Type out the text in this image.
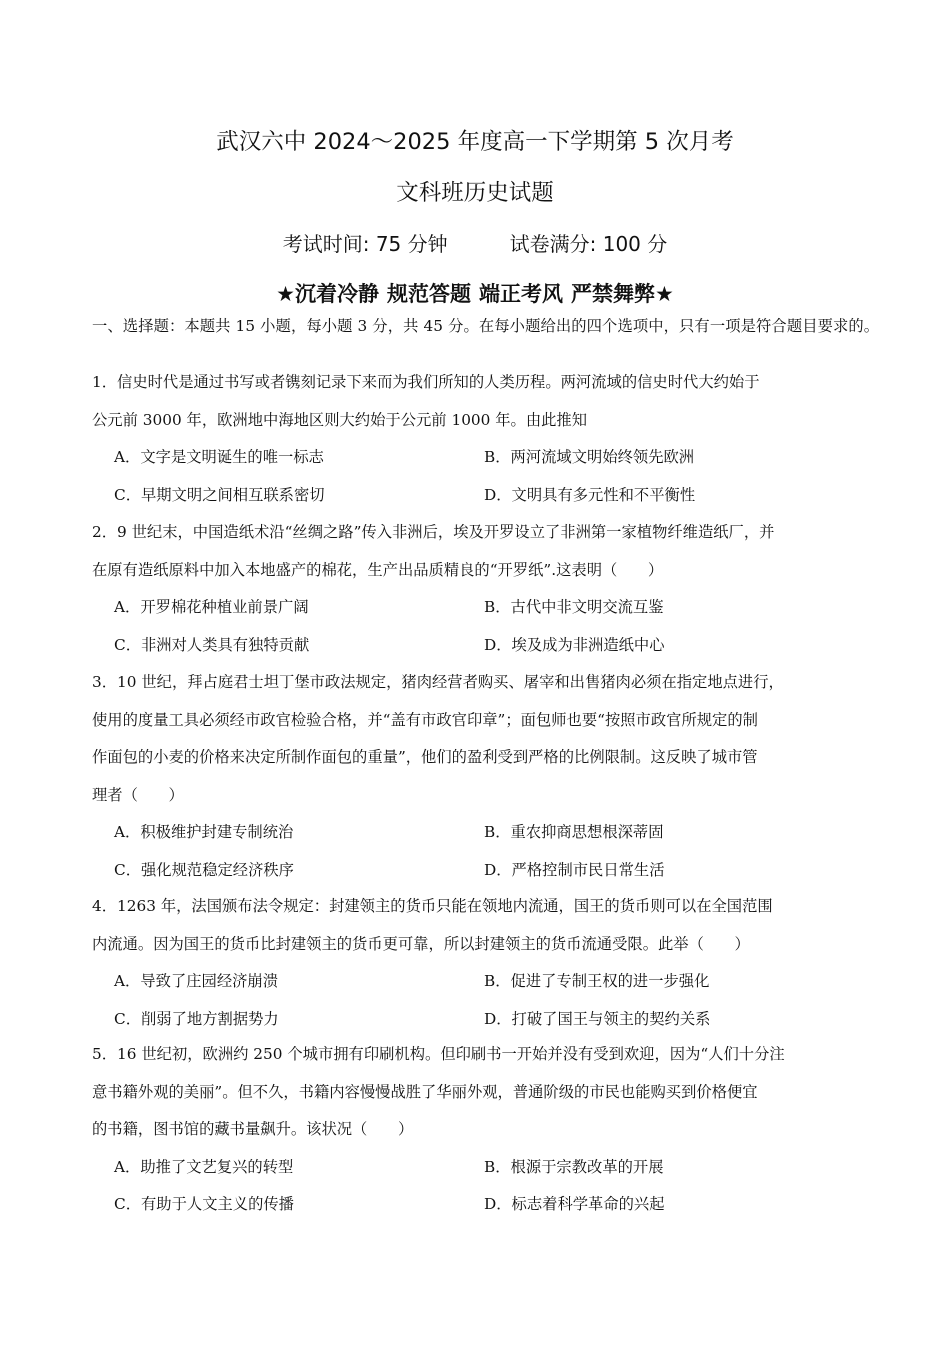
武汉六中 2024～2025 年度高一下学期第 5 次月考
文科班历史试题
考试时间: 75 分钟	试卷满分: 100 分
★沉着冷静 规范答题 端正考风 严禁舞弊★
一、选择题：本题共 15 小题，每小题 3 分，共 45 分。在每小题给出的四个选项中，只有一项是符合题目要求的。
1．信史时代是通过书写或者镌刻记录下来而为我们所知的人类历程。两河流域的信史时代大约始于
公元前 3000 年，欧洲地中海地区则大约始于公元前 1000 年。由此推知
A．文字是文明诞生的唯一标志	B．两河流域文明始终领先欧洲
C．早期文明之间相互联系密切	D．文明具有多元性和不平衡性
2．9 世纪末，中国造纸术沿“丝绸之路”传入非洲后，埃及开罗设立了非洲第一家植物纤维造纸厂，并
在原有造纸原料中加入本地盛产的棉花，生产出品质精良的“开罗纸”.这表明（　　）
A．开罗棉花种植业前景广阔	B．古代中非文明交流互鉴
C．非洲对人类具有独特贡献	D．埃及成为非洲造纸中心
3．10 世纪，拜占庭君士坦丁堡市政法规定，猪肉经营者购买、屠宰和出售猪肉必须在指定地点进行，
使用的度量工具必须经市政官检验合格，并“盖有市政官印章”；面包师也要“按照市政官所规定的制
作面包的小麦的价格来决定所制作面包的重量”，他们的盈利受到严格的比例限制。这反映了城市管
理者（　　）
A．积极维护封建专制统治	B．重农抑商思想根深蒂固
C．强化规范稳定经济秩序	D．严格控制市民日常生活
4．1263 年，法国颁布法令规定：封建领主的货币只能在领地内流通，国王的货币则可以在全国范围
内流通。因为国王的货币比封建领主的货币更可靠，所以封建领主的货币流通受限。此举（　　）
A．导致了庄园经济崩溃	B．促进了专制王权的进一步强化
C．削弱了地方割据势力	D．打破了国王与领主的契约关系
5．16 世纪初，欧洲约 250 个城市拥有印刷机构。但印刷书一开始并没有受到欢迎，因为“人们十分注
意书籍外观的美丽”。但不久，书籍内容慢慢战胜了华丽外观，普通阶级的市民也能购买到价格便宜
的书籍，图书馆的藏书量飙升。该状况（　　）
A．助推了文艺复兴的转型	B．根源于宗教改革的开展
C．有助于人文主义的传播	D．标志着科学革命的兴起
